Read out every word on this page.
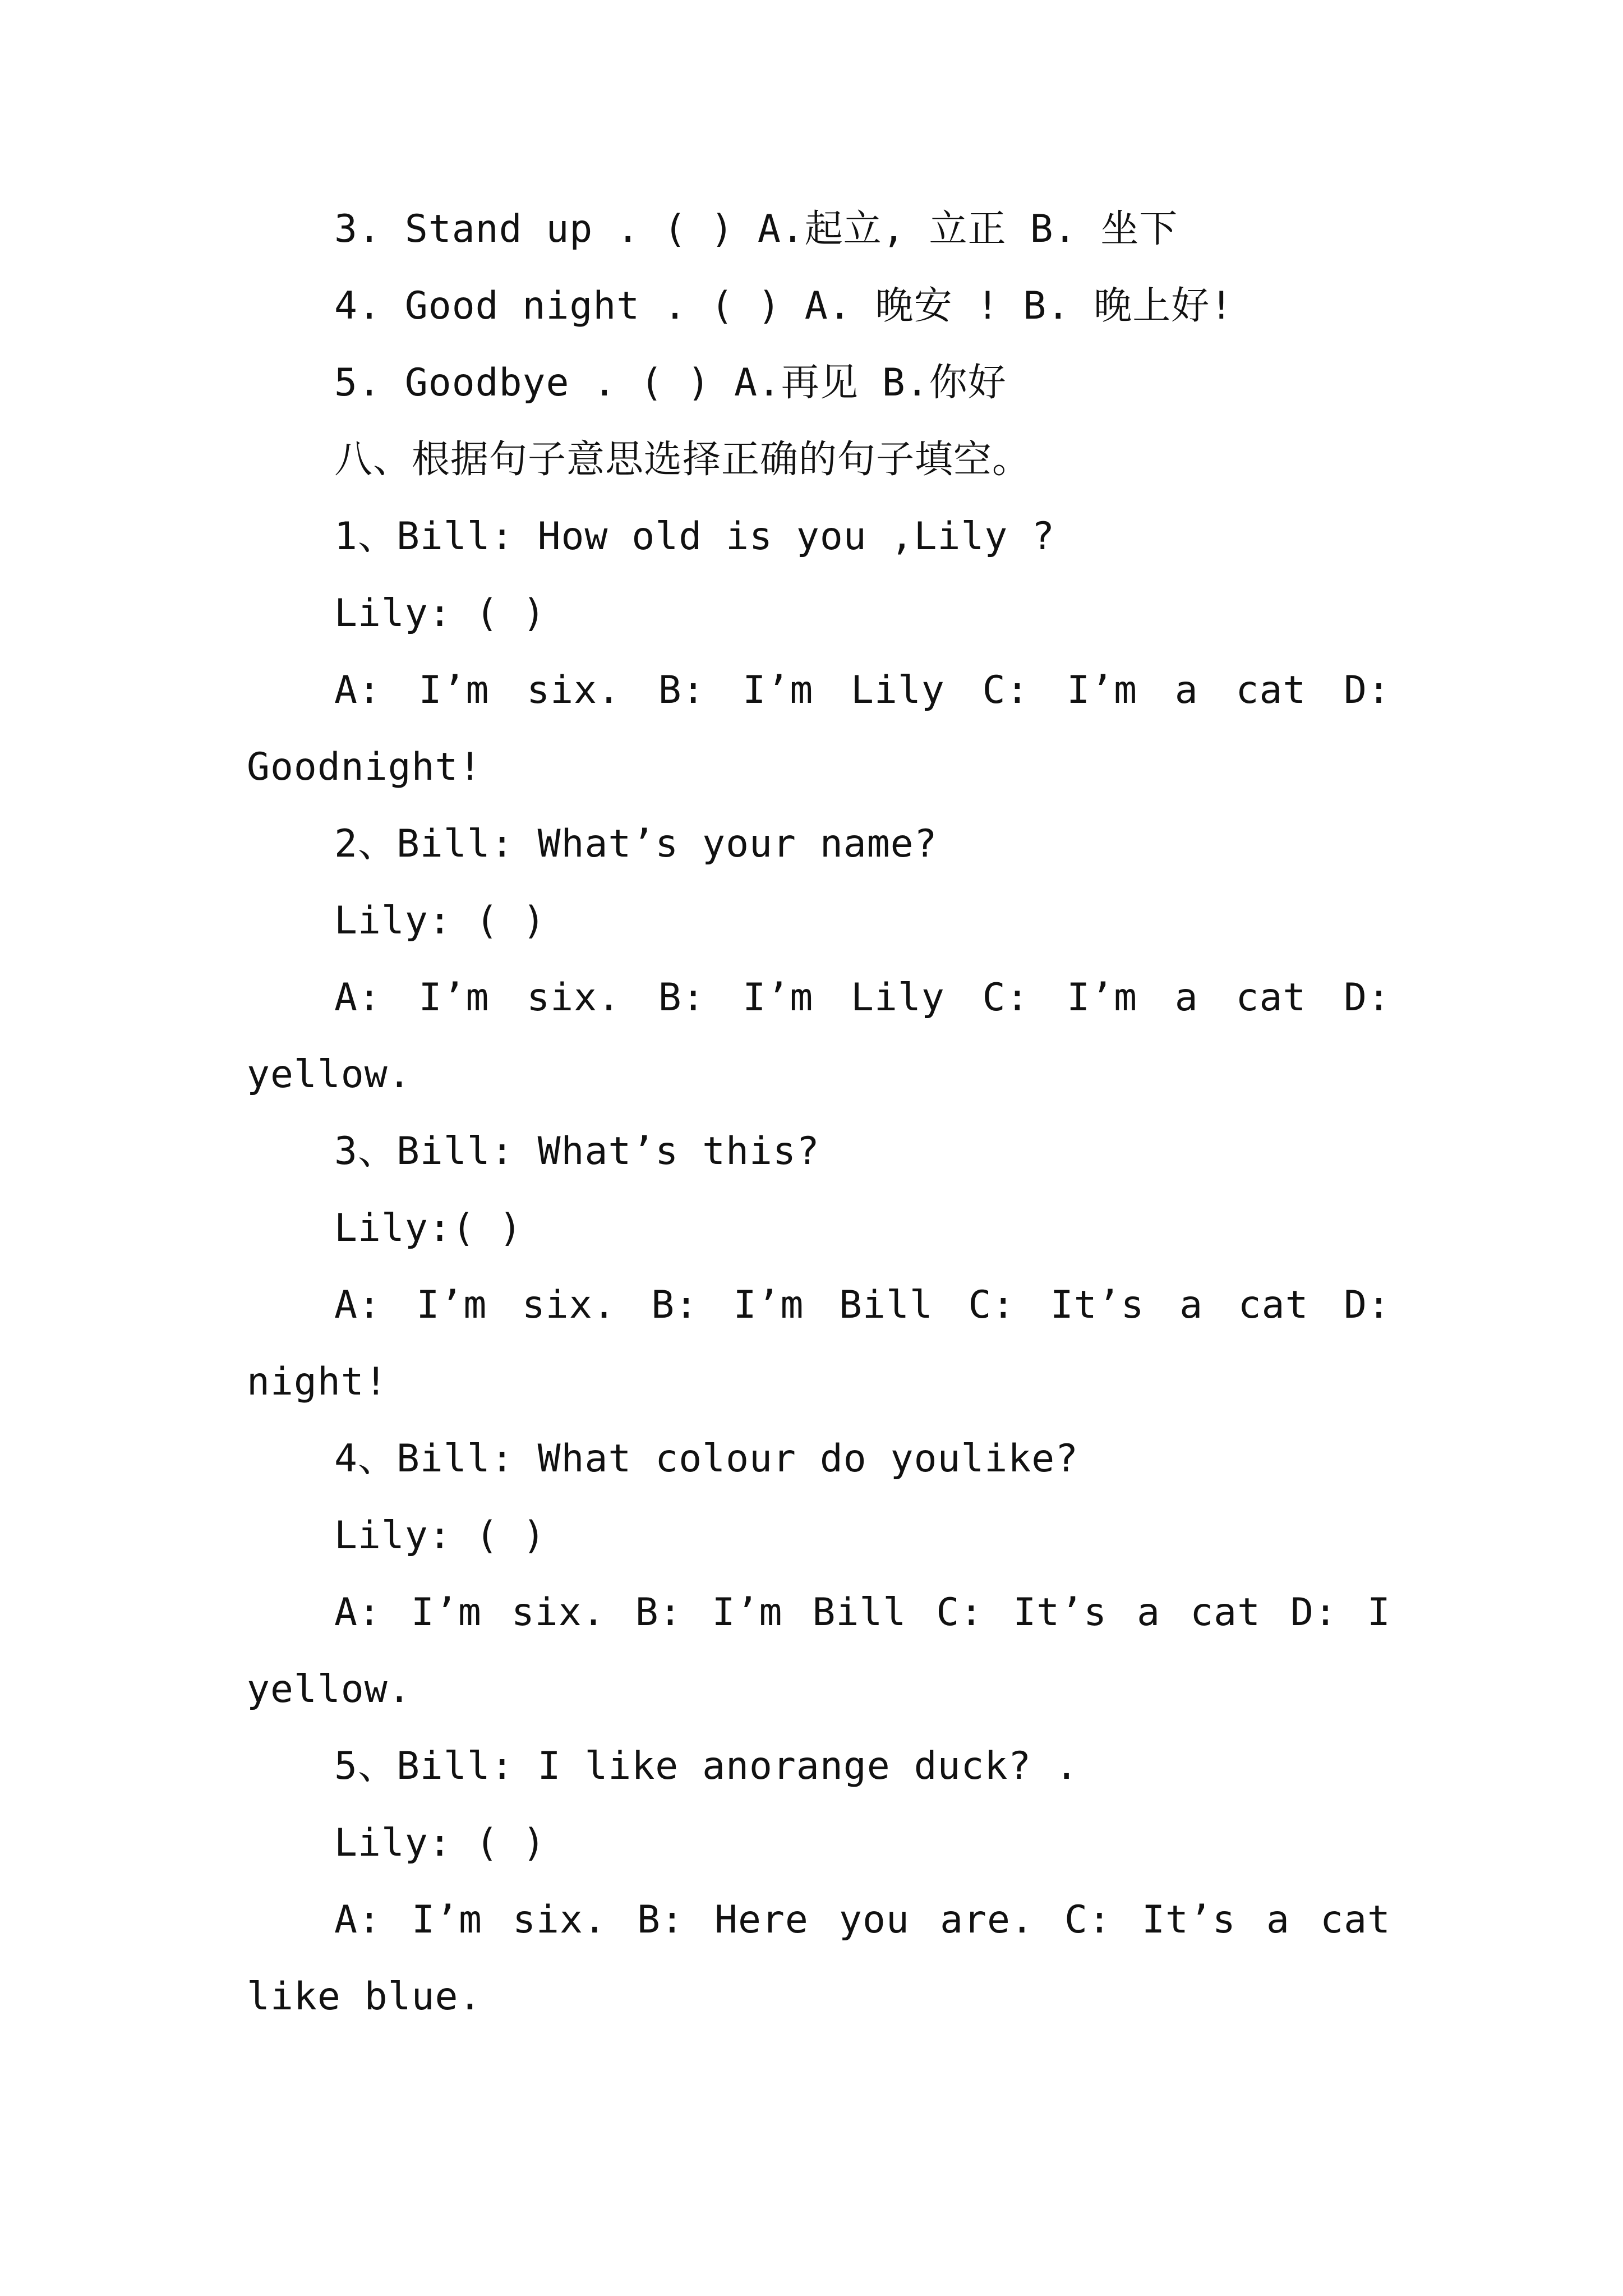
3. Stand up . ( ) A.起立, 立正 B. 坐下
4. Good night . ( ) A. 晚安 ! B. 晚上好!
5. Goodbye . ( ) A.再见 B.你好
八、根据句子意思选择正确的句子填空。
1、Bill: How old is you ,Lily ?
Lily: ( )
A: I’m six. B: I’m Lily C: I’m a cat D:
Goodnight!
2、Bill: What’s your name?
Lily: ( )
A: I’m six. B: I’m Lily C: I’m a cat D:
yellow.
3、Bill: What’s this?
Lily:( )
A: I’m six. B: I’m Bill C: It’s a cat D:
night!
4、Bill: What colour do youlike?
Lily: ( )
A: I’m six. B: I’m Bill C: It’s a cat D: I
yellow.
5、Bill: I like anorange duck? .
Lily: ( )
A: I’m six. B: Here you are. C: It’s a cat
like blue.
